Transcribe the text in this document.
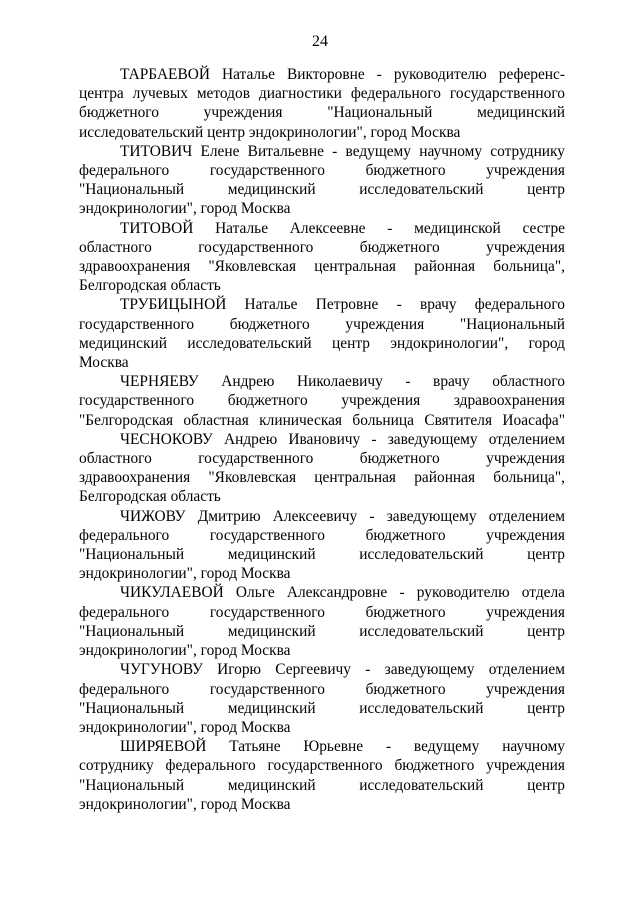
24

ТАРБАЕВОЙ Наталье Викторовне - руководителю референс-
центра лучевых методов диагностики федерального государственного
бюджетного учреждения "Национальный медицинский
исследовательский центр эндокринологии", город Москва

ТИТОВИЧ Елене Витальевне - ведущему научному сотруднику
федерального государственного бюджетного учреждения
"Национальный медицинский исследовательский центр
эндокринологии", город Москва

ТИТОВОЙ Наталье Алексеевне - медицинской сестре
областного государственного бюджетного учреждения
здравоохранения "Яковлевская центральная районная больница",
Белгородская область

ТРУБИЦЫНОЙ Наталье Петровне - врачу федерального
государственного бюджетного учреждения "Национальный
медицинский исследовательский центр эндокринологии", город
Москва

ЧЕРНЯЕВУ Андрею Николаевичу - врачу областного
государственного бюджетного учреждения здравоохранения
"Белгородская областная клиническая больница Святителя Иоасафа"

ЧЕСНОКОВУ Андрею Ивановичу - заведующему отделением
областного государственного бюджетного учреждения
здравоохранения "Яковлевская центральная районная больница",
Белгородская область

ЧИЖОВУ Дмитрию Алексеевичу - заведующему отделением
федерального государственного бюджетного учреждения
"Национальный медицинский исследовательский центр
эндокринологии", город Москва

ЧИКУЛАЕВОЙ Ольге Александровне - руководителю отдела
федерального государственного бюджетного учреждения
"Национальный медицинский исследовательский центр
эндокринологии", город Москва

ЧУГУНОВУ Игорю Сергеевичу - заведующему отделением
федерального государственного бюджетного учреждения
"Национальный медицинский исследовательский центр
эндокринологии", город Москва

ШИРЯЕВОЙ Татьяне Юрьевне - ведущему научному
сотруднику федерального государственного бюджетного учреждения
"Национальный медицинский исследовательский центр
эндокринологии", город Москва
